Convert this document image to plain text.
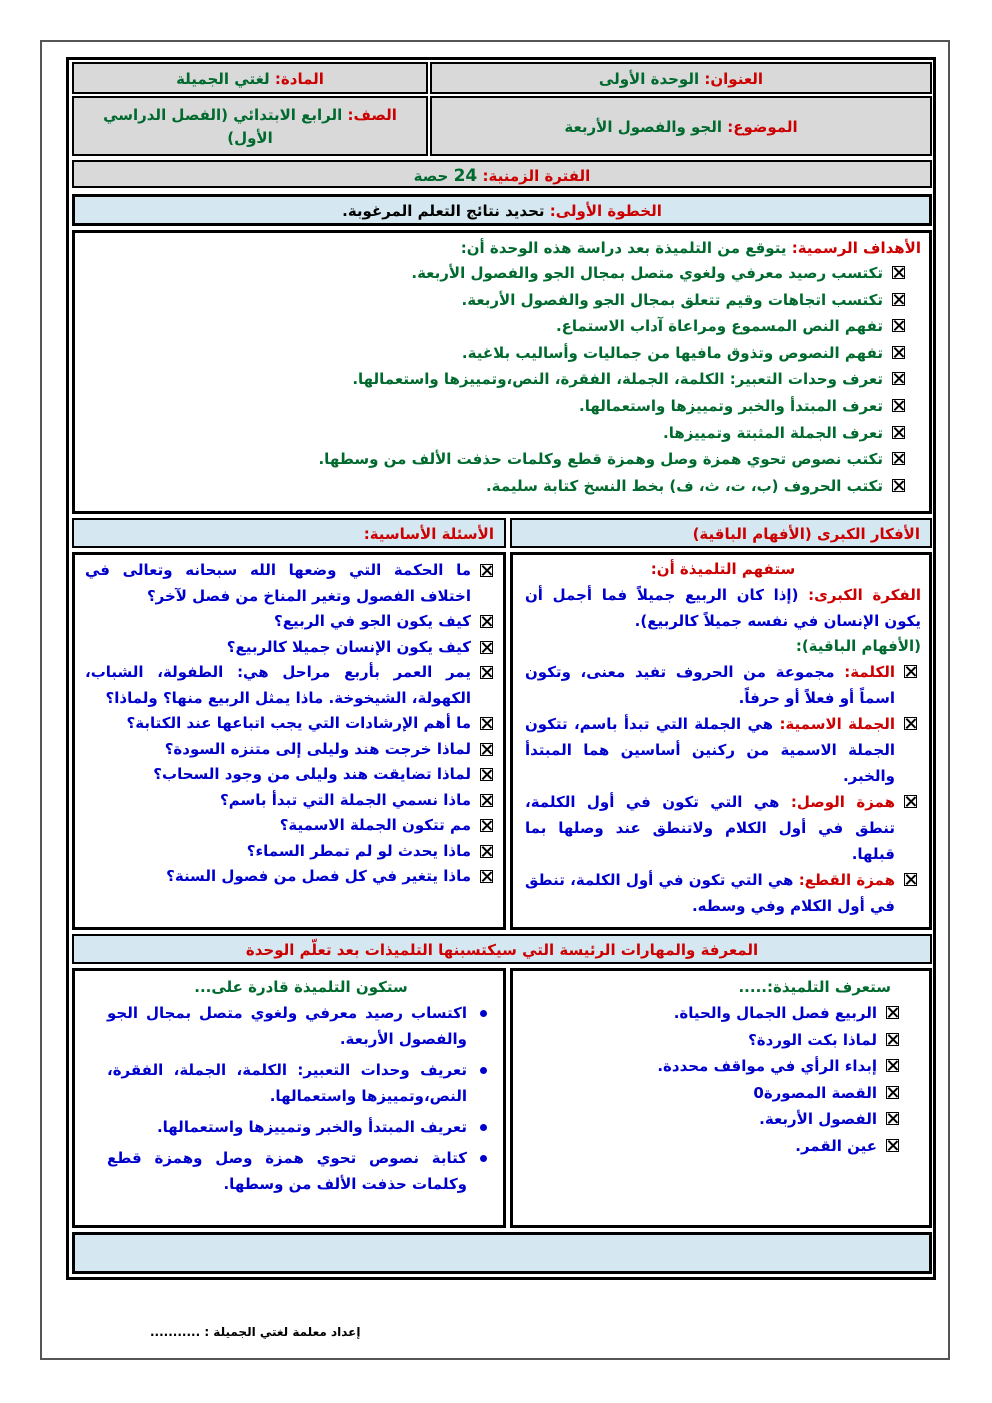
العنوان: الوحدة الأولى
المادة: لغتي الجميلة
الموضوع: الجو والفصول الأربعة
الصف: الرابع الابتدائي (الفصل الدراسي الأول)
الفترة الزمنية: 24 حصة
الخطوة الأولى: تحديد نتائج التعلم المرغوبة.
الأهداف الرسمية: يتوقع من التلميذة بعد دراسة هذه الوحدة أن:
تكتسب رصيد معرفي ولغوي متصل بمجال الجو والفصول الأربعة.
تكتسب اتجاهات وقيم تتعلق بمجال الجو والفصول الأربعة.
تفهم النص المسموع ومراعاة آداب الاستماع.
تفهم النصوص وتذوق مافيها من جماليات وأساليب بلاغية.
تعرف وحدات التعبير: الكلمة، الجملة، الفقرة، النص،وتمييزها واستعمالها.
تعرف المبتدأ والخبر وتمييزها واستعمالها.
تعرف الجملة المثبتة وتمييزها.
تكتب نصوص تحوي همزة وصل وهمزة قطع وكلمات حذفت الألف من وسطها.
تكتب الحروف (ب، ت، ث، ف) بخط النسخ كتابة سليمة.
الأفكار الكبرى (الأفهام الباقية)
الأسئلة الأساسية:
ستفهم التلميذة أن:
الفكرة الكبرى: (إذا كان الربيع جميلاً فما أجمل أن يكون الإنسان في نفسه جميلاً كالربيع).
(الأفهام الباقية):
الكلمة: مجموعة من الحروف تفيد معنى، وتكون اسماً أو فعلاً أو حرفاً.
الجملة الاسمية: هي الجملة التي تبدأ باسم، تتكون الجملة الاسمية من ركنين أساسين هما المبتدأ والخبر.
همزة الوصل: هي التي تكون في أول الكلمة، تنطق في أول الكلام ولاتنطق عند وصلها بما قبلها.
همزة القطع: هي التي تكون في أول الكلمة، تنطق في أول الكلام وفي وسطه.
ما الحكمة التي وضعها الله سبحانه وتعالى في اختلاف الفصول وتغير المناخ من فصل لآخر؟
كيف يكون الجو في الربيع؟
كيف يكون الإنسان جميلا كالربيع؟
يمر العمر بأربع مراحل هي: الطفولة، الشباب، الكهولة، الشيخوخة. ماذا يمثل الربيع منها؟ ولماذا؟
ما أهم الإرشادات التي يجب اتباعها عند الكتابة؟
لماذا خرجت هند وليلى إلى متنزه السودة؟
لماذا تضايقت هند وليلى من وجود السحاب؟
ماذا نسمي الجملة التي تبدأ باسم؟
مم تتكون الجملة الاسمية؟
ماذا يحدث لو لم تمطر السماء؟
ماذا يتغير في كل فصل من فصول السنة؟
المعرفة والمهارات الرئيسة التي سيكتسبنها التلميذات بعد تعلّم الوحدة
ستعرف التلميذة:.....
الربيع فصل الجمال والحياة.
لماذا بكت الوردة؟
إبداء الرأي في مواقف محددة.
القصة المصورة0
الفصول الأربعة.
عين القمر.
ستكون التلميذة قادرة على...
اكتساب رصيد معرفي ولغوي متصل بمجال الجو والفصول الأربعة.
تعريف وحدات التعبير: الكلمة، الجملة، الفقرة، النص،وتمييزها واستعمالها.
تعريف المبتدأ والخبر وتمييزها واستعمالها.
كتابة نصوص تحوي همزة وصل وهمزة قطع وكلمات حذفت الألف من وسطها.
إعداد معلمة لغتي الجميلة : ...........
